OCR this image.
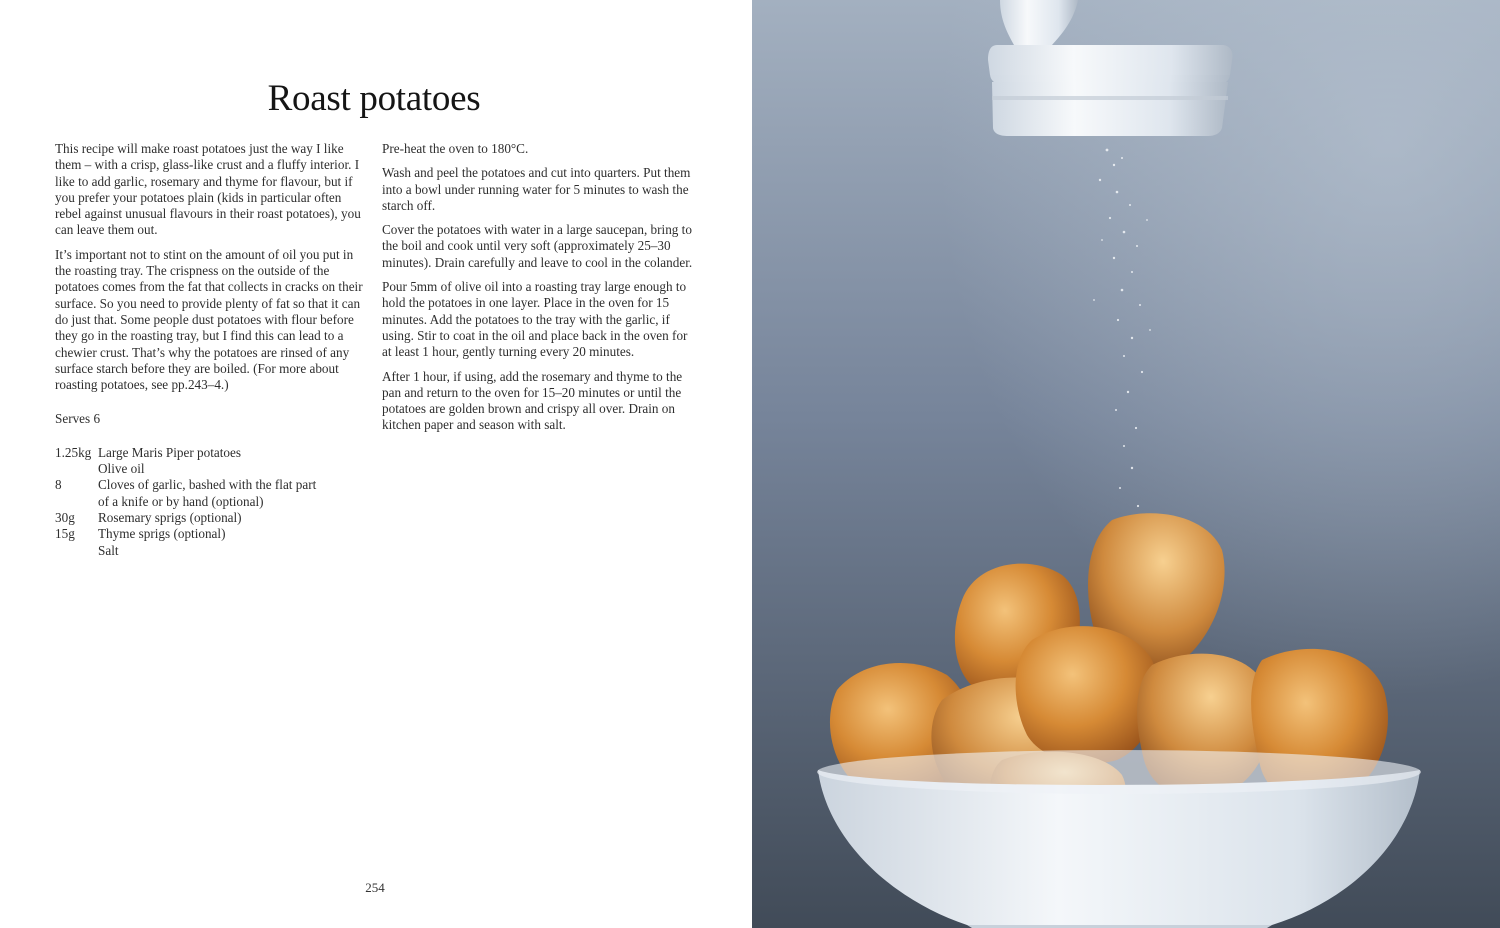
Roast potatoes

This recipe will make roast potatoes just the way I like them – with a crisp, glass-like crust and a fluffy interior. I like to add garlic, rosemary and thyme for flavour, but if you prefer your potatoes plain (kids in particular often rebel against unusual flavours in their roast potatoes), you can leave them out.

It’s important not to stint on the amount of oil you put in the roasting tray. The crispness on the outside of the potatoes comes from the fat that collects in cracks on their surface. So you need to provide plenty of fat so that it can do just that. Some people dust potatoes with flour before they go in the roasting tray, but I find this can lead to a chewier crust. That’s why the potatoes are rinsed of any surface starch before they are boiled. (For more about roasting potatoes, see pp.243–4.)

Serves 6

1.25kg Large Maris Piper potatoes
Olive oil
8	Cloves of garlic, bashed with the flat part of a knife or by hand (optional)
30g	Rosemary sprigs (optional)
15g	Thyme sprigs (optional)
Salt

Pre-heat the oven to 180°C.

Wash and peel the potatoes and cut into quarters. Put them into a bowl under running water for 5 minutes to wash the starch off.

Cover the potatoes with water in a large saucepan, bring to the boil and cook until very soft (approximately 25–30 minutes). Drain carefully and leave to cool in the colander.

Pour 5mm of olive oil into a roasting tray large enough to hold the potatoes in one layer. Place in the oven for 15 minutes. Add the potatoes to the tray with the garlic, if using. Stir to coat in the oil and place back in the oven for at least 1 hour, gently turning every 20 minutes.

After 1 hour, if using, add the rosemary and thyme to the pan and return to the oven for 15–20 minutes or until the potatoes are golden brown and crispy all over. Drain on kitchen paper and season with salt.

254
